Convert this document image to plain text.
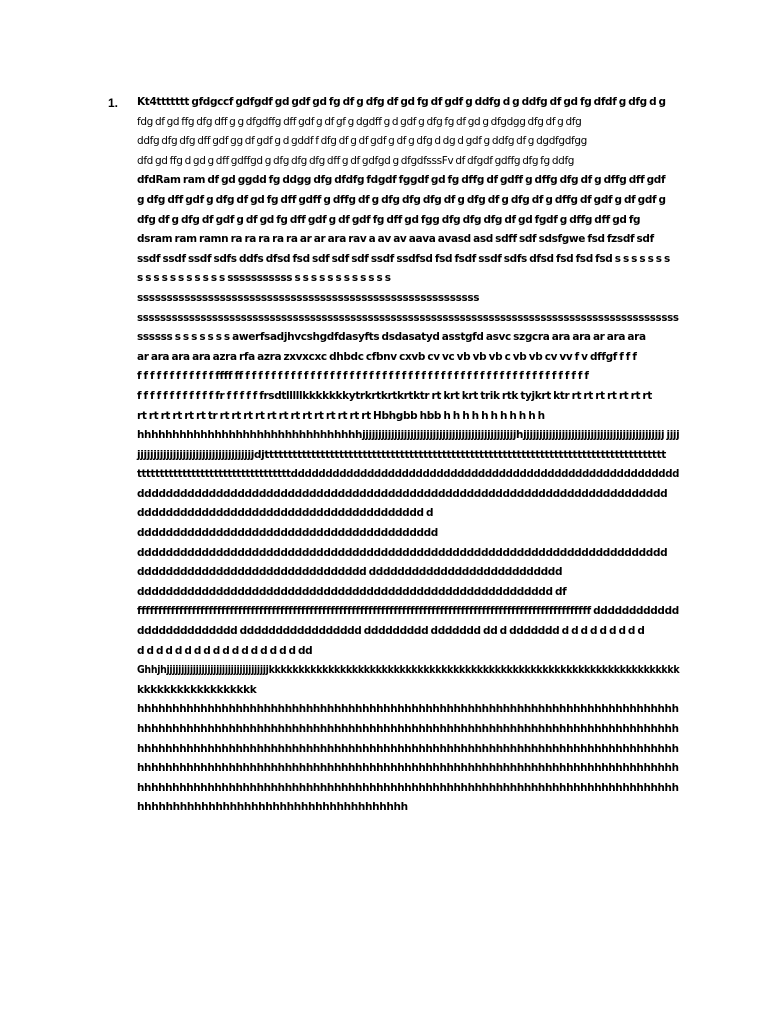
1. Kt4ttttttt gfdgccf gdfgdf gd gdf gd fg df g dfg df gd fg df gdf g ddfg d g ddfg df gd fg dfdf g dfg d g
fdg df gd ffg dfg dff g g dfgdffg dff gdf g df gf g dgdff g d gdf g dfg fg df gd g dfgdgg dfg df g dfg
ddfg dfg dfg dff gdf gg df gdf g d gddf f dfg df g df gdf g df g dfg d dg d gdf g ddfg df g dgdfgdfgg
dfd gd ffg d gd g dff gdffgd g dfg dfg dfg dff g df gdfgd g dfgdfsssFv df dfgdf gdffg dfg fg ddfg
dfdRam ram df gd ggdd fg ddgg dfg dfdfg fdgdf fggdf gd fg dffg df gdff g dffg dfg df g dffg dff gdf
g dfg dff gdf g dfg df gd fg dff gdff g dffg df g dfg dfg dfg df g dfg df g dfg df g dffg df gdf g df gdf g
dfg df g dfg df gdf g df gd fg dff gdf g df gdf fg dff gd fgg dfg dfg dfg df gd fgdf g dffg dff gd fg
dsram ram ramn ra ra ra ra ra ar ar ara rav a av av aava avasd asd sdff sdf sdsfgwe fsd fzsdf sdf
ssdf ssdf ssdf sdfs ddfs dfsd fsd sdf sdf sdf ssdf ssdfsd fsd fsdf ssdf sdfs dfsd fsd fsd fsd s s s s s s s
s s s s s s s s s s s sssssssssss s s s s s s s s s s s s
ssssssssssssssssssssssssssssssssssssssssssssssssssssssssss
ssssssssssssssssssssssssssssssssssssssssssssssssssssssssssssssssssssssssssssssssssssssssssssss
ssssss s s s s s s s awerfsadjhvcshgdfdasyfts dsdasatyd asstgfd asvc szgcra ara ara ar ara ara
ar ara ara ara azra rfa azra zxvxcxc dhbdc cfbnv cxvb cv vc vb vb vb c vb vb cv vv f v dffgf f f f
f f f f f f f f f f f f ffff ff f f f f f f f f f f f f f f f f f f f f f f f f f f f f f f f f f f f f f f f f f f f f f f f f f f f f f
f f f f f f f f f f f f fr f f f f f frsdtlllllkkkkkkkytrkrtkrtkrtktr rt krt krt trik rtk tyjkrt ktr rt rt rt rt rt rt rt
rt rt rt rt rt rt tr rt rt rt rt rt rt rt rt rt rt rt rt rt Hbhgbb hbb h h h h h h h h h h h
hhhhhhhhhhhhhhhhhhhhhhhhhhhhhhhhjjjjjjjjjjjjjjjjjjjjjjjjjjjjjjjjjjjjjjjjjjjjjjjjhjjjjjjjjjjjjjjjjjjjjjjjjjjjjjjjjjjjjjjjjjjjj jjjj
jjjjjjjjjjjjjjjjjjjjjjjjjjjjjjjjjjjjdjtttttttttttttttttttttttttttttttttttttttttttttttttttttttttttttttttttttttttttttttttttttt
ttttttttttttttttttttttttttttttttttdddddddddddddddddddddddddddddddddddddddddddddddddddddddd
dddddddddddddddddddddddddddddddddddddddddddddddddddddddddddddddddddddddddd
dddddddddddddddddddddddddddddddddddddddd d
dddddddddddddddddddddddddddddddddddddddddd
dddddddddddddddddddddddddddddddddddddddddddddddddddddddddddddddddddddddddd
dddddddddddddddddddddddddddddddd ddddddddddddddddddddddddddd
dddddddddddddddddddddddddddddddddddddddddddddddddddddddddd df
ffffffffffffffffffffffffffffffffffffffffffffffffffffffffffffffffffffffffffffffffffffffffffffffffffffffffffff dddddddddddd
dddddddddddddd ddddddddddddddddd ddddddddd ddddddd dd d ddddddd d d d d d d d d d
d d d d d d d d d d d d d d d d d dd
Ghhjhjjjjjjjjjjjjjjjjjjjjjjjjjjjjjjjjjjjkkkkkkkkkkkkkkkkkkkkkkkkkkkkkkkkkkkkkkkkkkkkkkkkkkkkkkkkkkkkkkkkkkkkk
kkkkkkkkkkkkkkkkkk
hhhhhhhhhhhhhhhhhhhhhhhhhhhhhhhhhhhhhhhhhhhhhhhhhhhhhhhhhhhhhhhhhhhhhhhhhhhhh
hhhhhhhhhhhhhhhhhhhhhhhhhhhhhhhhhhhhhhhhhhhhhhhhhhhhhhhhhhhhhhhhhhhhhhhhhhhhh
hhhhhhhhhhhhhhhhhhhhhhhhhhhhhhhhhhhhhhhhhhhhhhhhhhhhhhhhhhhhhhhhhhhhhhhhhhhhh
hhhhhhhhhhhhhhhhhhhhhhhhhhhhhhhhhhhhhhhhhhhhhhhhhhhhhhhhhhhhhhhhhhhhhhhhhhhhh
hhhhhhhhhhhhhhhhhhhhhhhhhhhhhhhhhhhhhhhhhhhhhhhhhhhhhhhhhhhhhhhhhhhhhhhhhhhhh
hhhhhhhhhhhhhhhhhhhhhhhhhhhhhhhhhhhhhh
